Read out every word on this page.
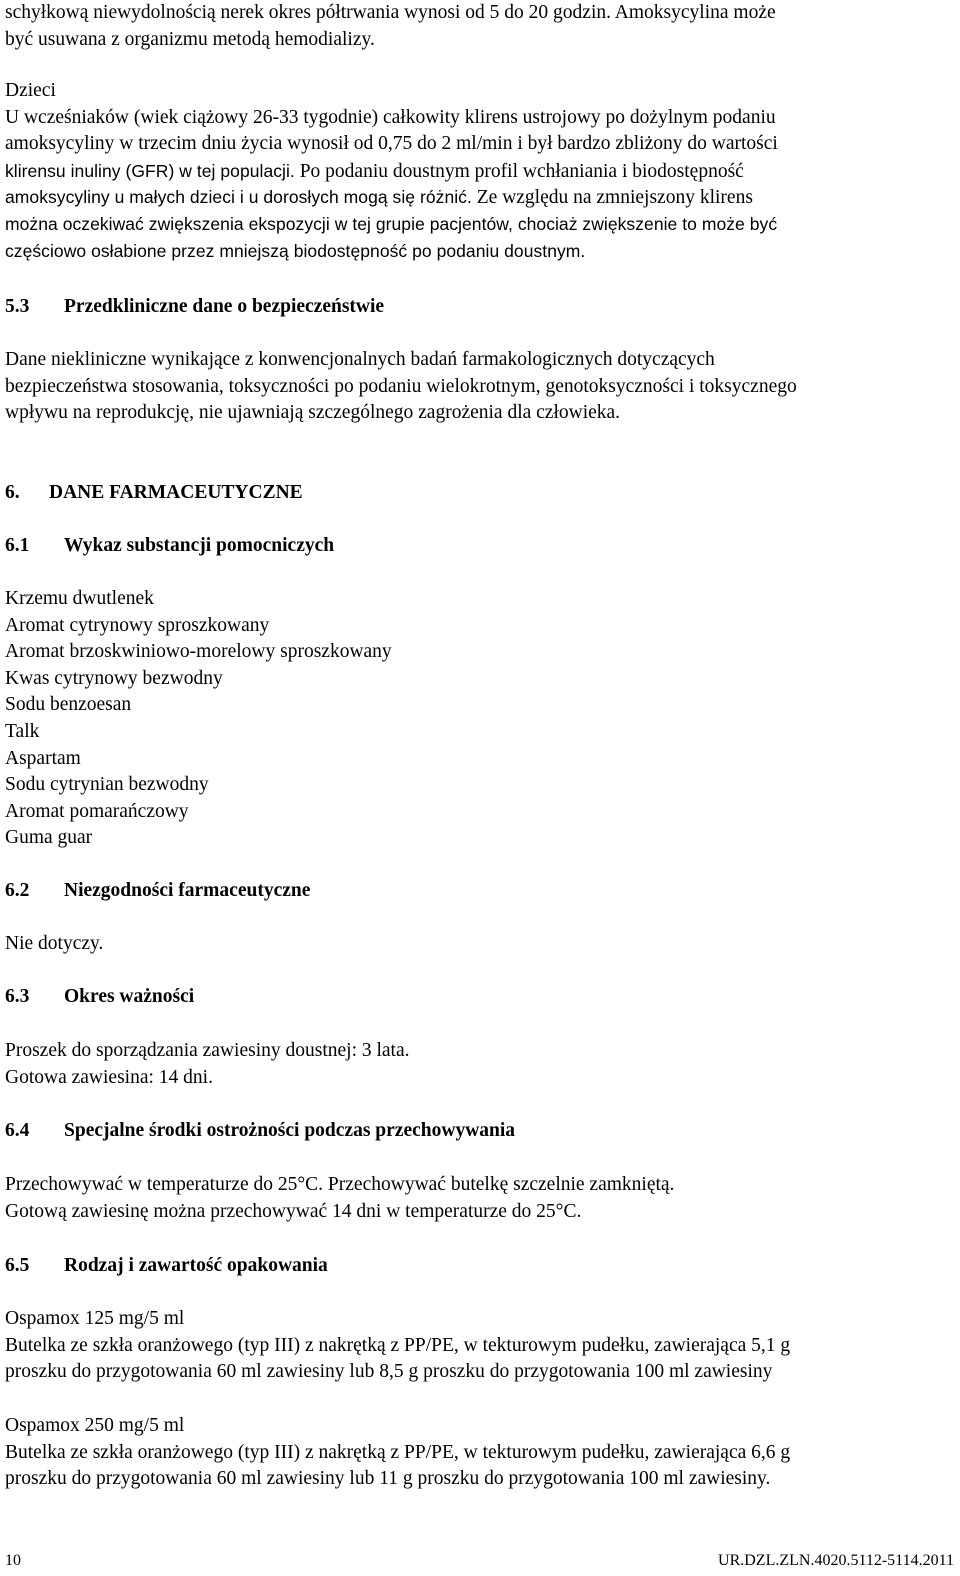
schyłkową niewydolnością nerek okres półtrwania wynosi od 5 do 20 godzin. Amoksycylina może
być usuwana z organizmu metodą hemodializy.
Dzieci
U wcześniaków (wiek ciążowy 26-33 tygodnie) całkowity klirens ustrojowy po dożylnym podaniu
amoksycyliny w trzecim dniu życia wynosił od 0,75 do 2 ml/min i był bardzo zbliżony do wartości
klirensu inuliny (GFR) w tej populacji. Po podaniu doustnym profil wchłaniania i biodostępność
amoksycyliny u małych dzieci i u dorosłych mogą się różnić. Ze względu na zmniejszony klirens
można oczekiwać zwiększenia ekspozycji w tej grupie pacjentów, chociaż zwiększenie to może być
częściowo osłabione przez mniejszą biodostępność po podaniu doustnym.
5.3 Przedkliniczne dane o bezpieczeństwie
Dane niekliniczne wynikające z konwencjonalnych badań farmakologicznych dotyczących
bezpieczeństwa stosowania, toksyczności po podaniu wielokrotnym, genotoksyczności i toksycznego
wpływu na reprodukcję, nie ujawniają szczególnego zagrożenia dla człowieka.
6. DANE FARMACEUTYCZNE
6.1 Wykaz substancji pomocniczych
Krzemu dwutlenek
Aromat cytrynowy sproszkowany
Aromat brzoskwiniowo-morelowy sproszkowany
Kwas cytrynowy bezwodny
Sodu benzoesan
Talk
Aspartam
Sodu cytrynian bezwodny
Aromat pomarańczowy
Guma guar
6.2 Niezgodności farmaceutyczne
Nie dotyczy.
6.3 Okres ważności
Proszek do sporządzania zawiesiny doustnej: 3 lata.
Gotowa zawiesina: 14 dni.
6.4 Specjalne środki ostrożności podczas przechowywania
Przechowywać w temperaturze do 25°C. Przechowywać butelkę szczelnie zamkniętą.
Gotową zawiesinę można przechowywać 14 dni w temperaturze do 25°C.
6.5 Rodzaj i zawartość opakowania
Ospamox 125 mg/5 ml
Butelka ze szkła oranżowego (typ III) z nakrętką z PP/PE, w tekturowym pudełku, zawierająca 5,1 g
proszku do przygotowania 60 ml zawiesiny lub 8,5 g proszku do przygotowania 100 ml zawiesiny
Ospamox 250 mg/5 ml
Butelka ze szkła oranżowego (typ III) z nakrętką z PP/PE, w tekturowym pudełku, zawierająca 6,6 g
proszku do przygotowania 60 ml zawiesiny lub 11 g proszku do przygotowania 100 ml zawiesiny.
10	UR.DZL.ZLN.4020.5112-5114.2011
